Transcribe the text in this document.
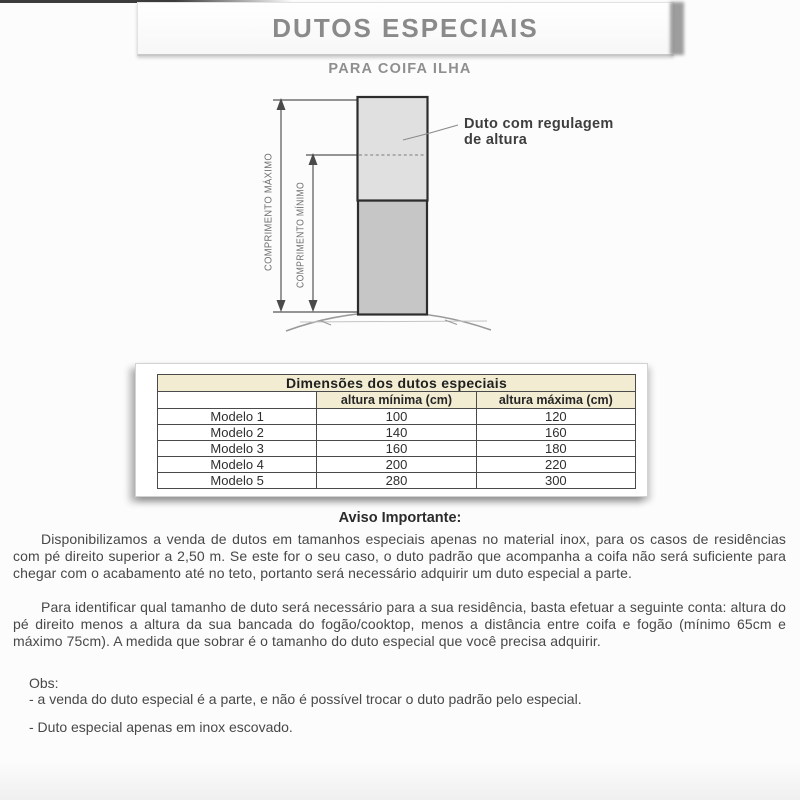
DUTOS ESPECIAIS
PARA COIFA ILHA
COMPRIMENTO MÁXIMO COMPRIMENTO MÍNIMO
Duto com regulagem
de altura
Dimensões dos dutos especiais		
	altura mínima (cm)	altura máxima (cm)
Modelo 1	100	120
Modelo 2	140	160
Modelo 3	160	180
Modelo 4	200	220
Modelo 5	280	300
Aviso Importante:

Disponibilizamos a venda de dutos em tamanhos especiais apenas no material inox, para os casos de residências com pé direito superior a 2,50 m. Se este for o seu caso, o duto padrão que acompanha a coifa não será suficiente para chegar com o acabamento até no teto, portanto será necessário adquirir um duto especial a parte.

Para identificar qual tamanho de duto será necessário para a sua residência, basta efetuar a seguinte conta: altura do pé direito menos a altura da sua bancada do fogão/cooktop, menos a distância entre coifa e fogão (mínimo 65cm e máximo 75cm). A medida que sobrar é o tamanho do duto especial que você precisa adquirir.

Obs:
- a venda do duto especial é a parte, e não é possível trocar o duto padrão pelo especial.
- Duto especial apenas em inox escovado.
